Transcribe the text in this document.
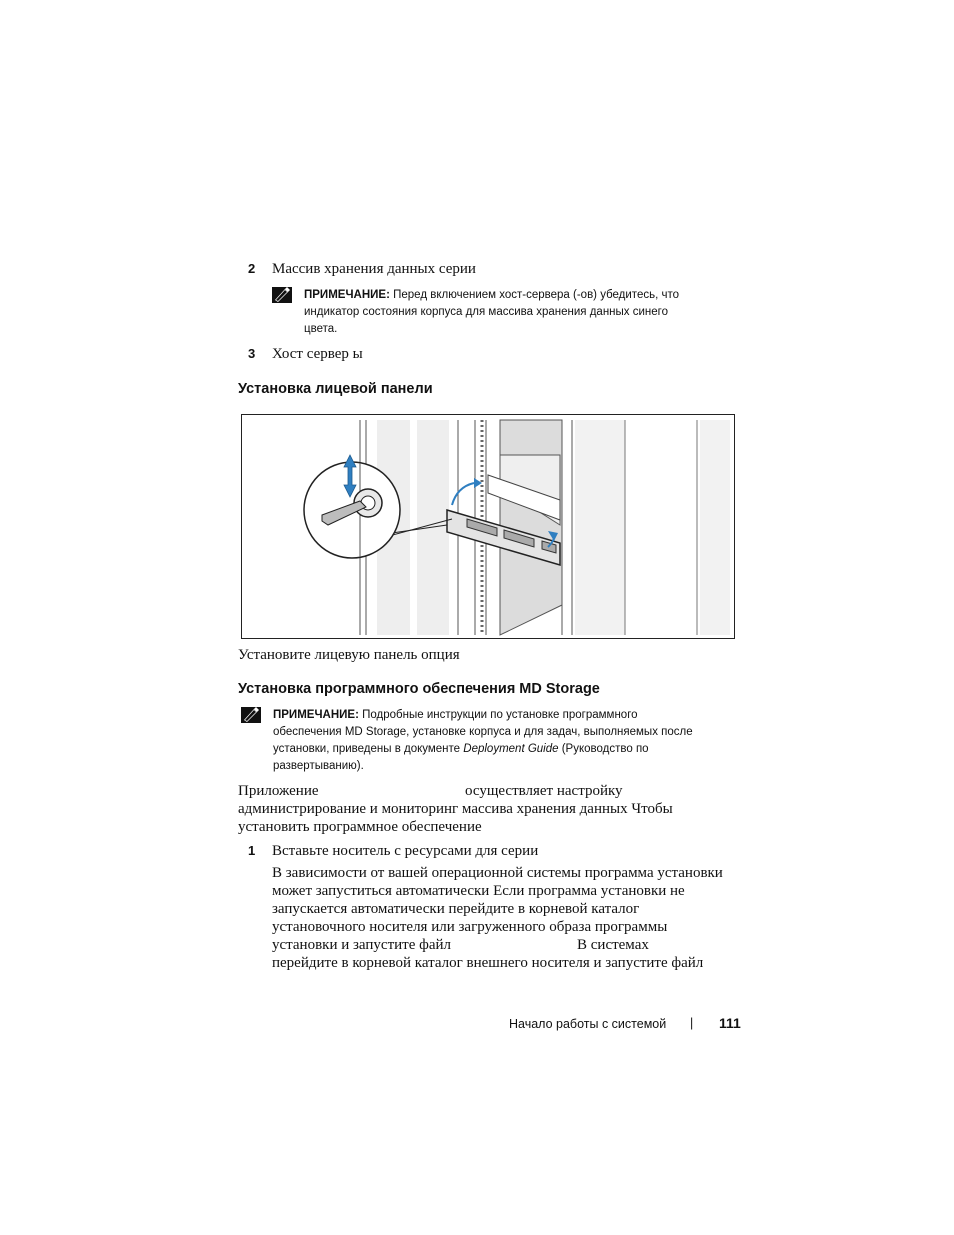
2 Массив хранения данных серии
ПРИМЕЧАНИЕ: Перед включением хост-сервера (-ов) убедитесь, что
индикатор состояния корпуса для массива хранения данных синего
цвета.
3 Хост сервер ы
Установка лицевой панели
Установите лицевую панель опция
Установка программного обеспечения MD Storage
ПРИМЕЧАНИЕ: Подробные инструкции по установке программного
обеспечения MD Storage, установке корпуса и для задач, выполняемых после
установки, приведены в документе Deployment Guide (Руководство по
развертыванию).
Приложение	осуществляет настройку
администрирование и мониторинг массива хранения данных Чтобы
установить программное обеспечение
1 Вставьте носитель с ресурсами для серии
В зависимости от вашей операционной системы программа установки
может запуститься автоматически Если программа установки не
запускается автоматически перейдите в корневой каталог
установочного носителя или загруженного образа программы
установки и запустите файл	В системах
перейдите в корневой каталог внешнего носителя и запустите файл
Начало работы с системой | 111
